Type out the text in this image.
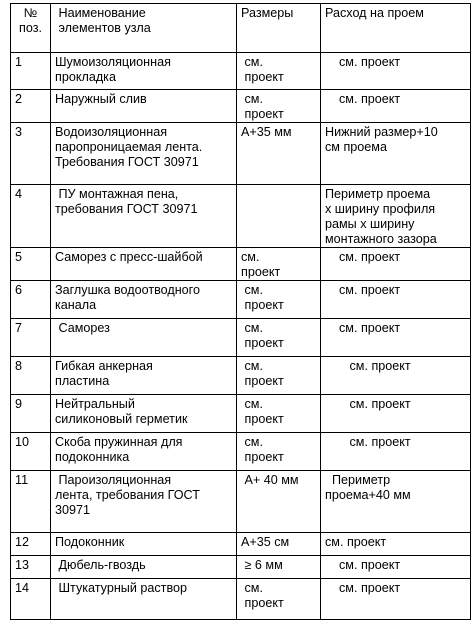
№
поз.	Наименование
элементов узла	Размеры	Расход на проем

1	Шумоизоляционная
прокладка	см.
проект	см. проект

2	Наружный слив	см.
проект	см. проект

3	Водоизоляционная
паропроницаемая лента.
Требования ГОСТ 30971	А+35 мм	Нижний размер+10
см проема

4	ПУ монтажная пена,
требования ГОСТ 30971		Периметр проема
х ширину профиля
рамы х ширину
монтажного зазора

5	Саморез с пресс-шайбой	см.
проект	см. проект

6	Заглушка водоотводного
канала	см.
проект	см. проект

7	Саморез	см.
проект	см. проект

8	Гибкая анкерная
пластина	см.
проект	см. проект

9	Нейтральный
силиконовый герметик	см.
проект	см. проект

10	Скоба пружинная для
подоконника	см.
проект	см. проект

11	Пароизоляционная
лента, требования ГОСТ
30971	А+ 40 мм	Периметр
проема+40 мм

12	Подоконник	А+35 см	см. проект

13	Дюбель-гвоздь	≥ 6 мм	см. проект

14	Штукатурный раствор	см.
проект	см. проект
